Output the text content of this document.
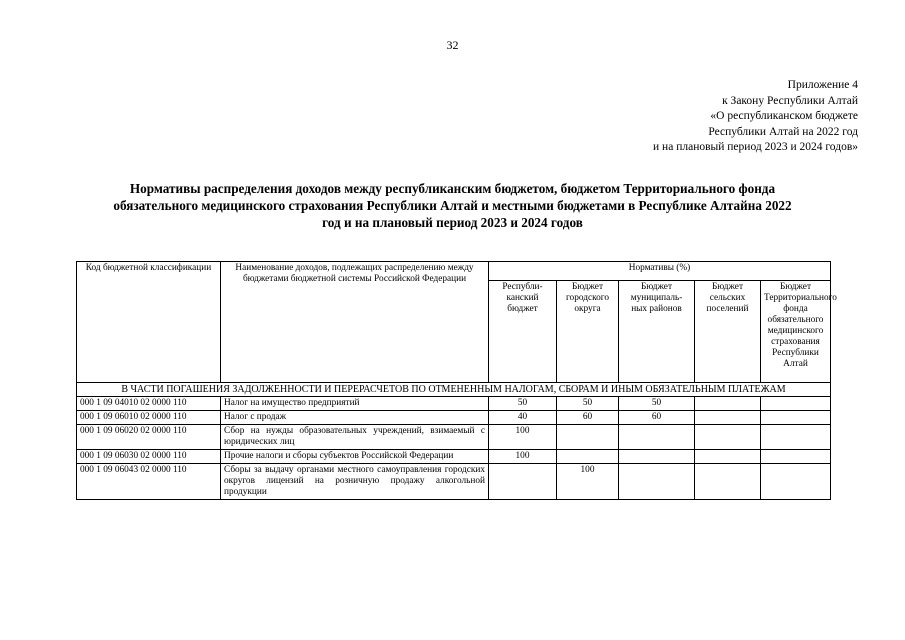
32
Приложение 4
к Закону Республики Алтай
«О республиканском бюджете
Республики Алтай на 2022 год
и на плановый период 2023 и 2024 годов»
Нормативы распределения доходов между республиканским бюджетом, бюджетом Территориального фонда
обязательного медицинского страхования Республики Алтай и местными бюджетами в Республике Алтайна 2022
год и на плановый период 2023 и 2024 годов
Код бюджетной классификации	Наименование доходов, подлежащих распределению между бюджетами бюджетной системы Российской Федерации	Нормативы (%)				
		Республи- канский бюджет	Бюджет городского округа	Бюджет муниципаль- ных районов	Бюджет сельских поселений	Бюджет Территориального фонда обязательного медицинского страхования Республики Алтай
В ЧАСТИ ПОГАШЕНИЯ ЗАДОЛЖЕННОСТИ И ПЕРЕРАСЧЕТОВ ПО ОТМЕНЕННЫМ НАЛОГАМ, СБОРАМ И ИНЫМ ОБЯЗАТЕЛЬНЫМ ПЛАТЕЖАМ						
000 1 09 04010 02 0000 110	Налог на имущество предприятий	50	50	50		
000 1 09 06010 02 0000 110	Налог с продаж	40	60	60		
000 1 09 06020 02 0000 110	Сбор на нужды образовательных учреждений, взимаемый с юридических лиц	100				
000 1 09 06030 02 0000 110	Прочие налоги и сборы субъектов Российской Федерации	100				
000 1 09 06043 02 0000 110	Сборы за выдачу органами местного самоуправления городских округов лицензий на розничную продажу алкогольной продукции		100			
